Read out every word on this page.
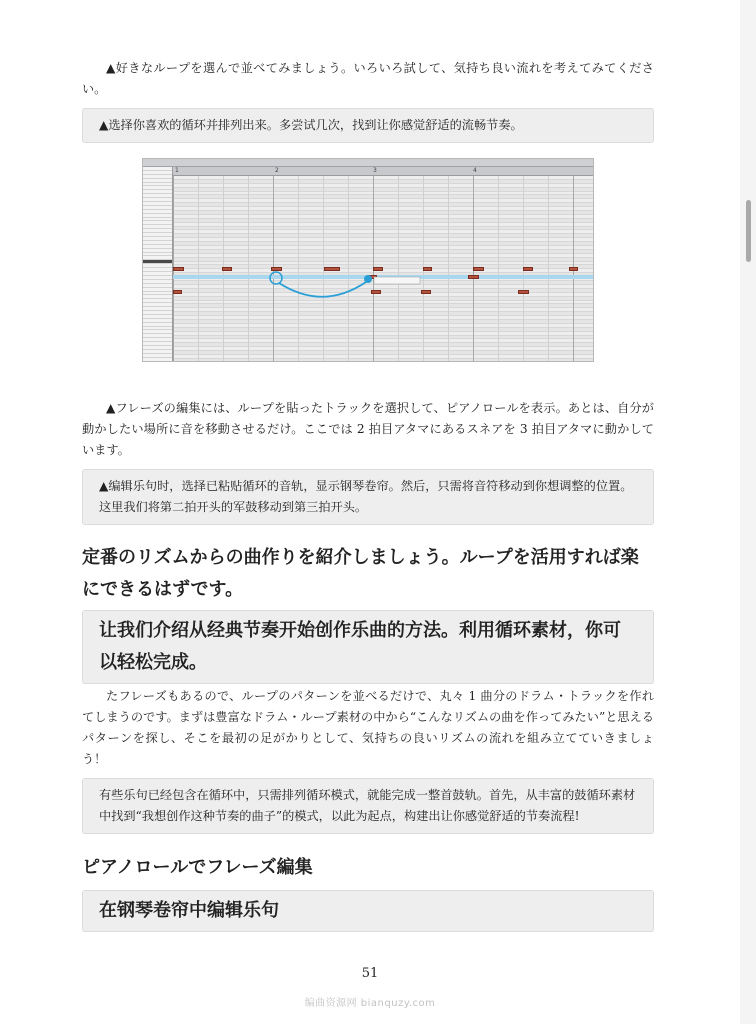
▲好きなループを選んで並べてみましょう。いろいろ試して、気持ち良い流れを考えてみてください。

▲选择你喜欢的循环并排列出来。多尝试几次，找到让你感觉舒适的流畅节奏。
1	2	3	4

▲フレーズの編集には、ループを貼ったトラックを選択して、ピアノロールを表示。あとは、自分が動かしたい場所に音を移動させるだけ。ここでは 2 拍目アタマにあるスネアを 3 拍目アタマに動かしています。

▲编辑乐句时，选择已粘贴循环的音轨，显示钢琴卷帘。然后，只需将音符移动到你想调整的位置。这里我们将第二拍开头的军鼓移动到第三拍开头。
定番のリズムからの曲作りを紹介しましょう。ループを活用すれば楽にできるはずです。
让我们介绍从经典节奏开始创作乐曲的方法。利用循环素材，你可以轻松完成。

たフレーズもあるので、ループのパターンを並べるだけで、丸々 1 曲分のドラム・トラックを作れてしまうのです。まずは豊富なドラム・ループ素材の中から“こんなリズムの曲を作ってみたい”と思えるパターンを探し、そこを最初の足がかりとして、気持ちの良いリズムの流れを組み立てていきましょう！

有些乐句已经包含在循环中，只需排列循环模式，就能完成一整首鼓轨。首先，从丰富的鼓循环素材中找到“我想创作这种节奏的曲子”的模式，以此为起点，构建出让你感觉舒适的节奏流程!
ピアノロールでフレーズ編集
在钢琴卷帘中编辑乐句
51
编曲资源网 bianquzy.com
